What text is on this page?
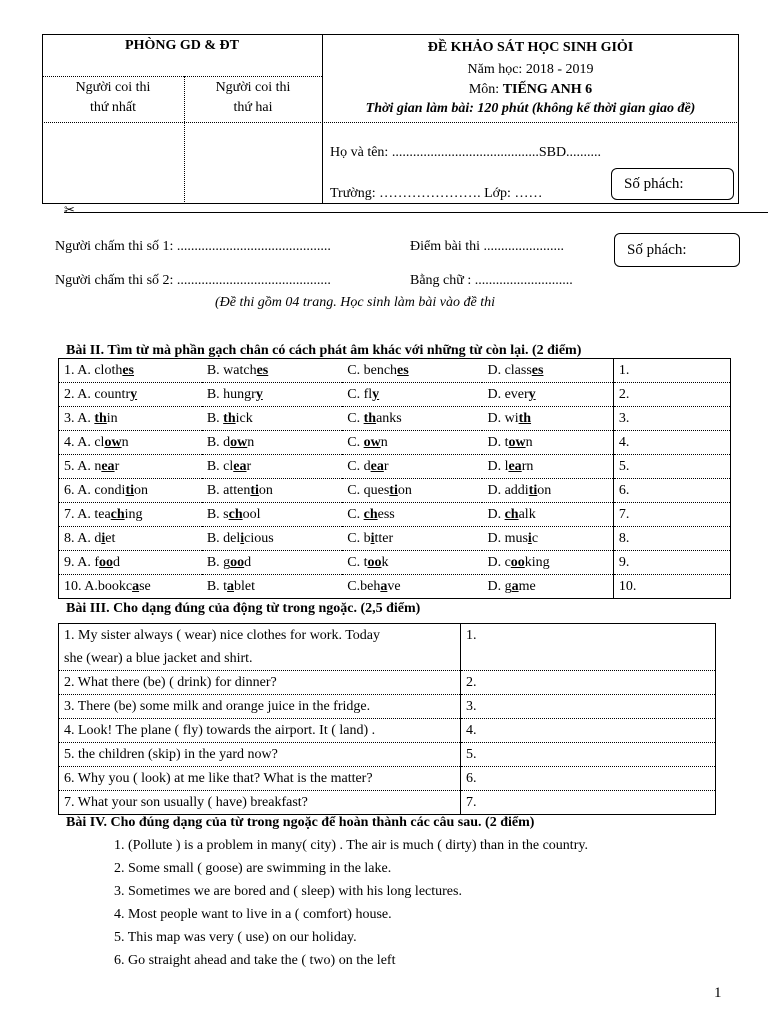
PHÒNG GD & ĐT
Người coi thi
thứ nhất
Người coi thi
thứ hai
ĐỀ KHẢO SÁT HỌC SINH GIỎI
Năm học: 2018 - 2019
Môn: TIẾNG ANH 6
Thời gian làm bài: 120 phút (không kể thời gian giao đề)
Họ và tên: ..........................................SBD..........
Trường: …………………. Lớp: ……
Số phách:
✂
Người chấm thi số 1: ............................................
Người chấm thi số 2: ............................................
Điểm bài thi .......................
Bằng chữ : ............................
Số phách:
(Đề thi gồm 04 trang. Học sinh làm bài vào đề thi
Bài II. Tìm từ mà phần gạch chân có cách phát âm khác với những từ còn lại. (2 điểm)
1. A. clothes	B. watches	C. benches	D. classes	1.
2. A. country	B. hungry	C. fly	D. every	2.
3. A. thin	B. thick	C. thanks	D. with	3.
4. A. clown	B. down	C. own	D. town	4.
5. A. near	B. clear	C. dear	D. learn	5.
6. A. condition	B. attention	C. question	D. addition	6.
7. A. teaching	B. school	C. chess	D. chalk	7.
8. A. diet	B. delicious	C. bitter	D. music	8.
9. A. food	B. good	C. took	D. cooking	9.
10. A.bookcase	B. tablet	C.behave	D. game	10.
Bài III. Cho dạng đúng của động từ trong ngoặc. (2,5 điểm)
1. My sister always ( wear) nice clothes for work. Today
she (wear) a blue jacket and shirt.	1.

2. What there (be) ( drink) for dinner?	2.

3. There (be) some milk and orange juice in the fridge.	3.

4. Look! The plane ( fly) towards the airport. It ( land) .	4.

5. the children (skip) in the yard now?	5.

6. Why you ( look) at me like that? What is the matter?	6.

7. What your son usually ( have) breakfast?	7.
Bài IV. Cho đúng dạng của từ trong ngoặc để hoàn thành các câu sau. (2 điểm)
1. (Pollute ) is a problem in many( city) . The air is much ( dirty) than in the country.
2. Some small ( goose) are swimming in the lake.
3. Sometimes we are bored and ( sleep) with his long lectures.
4. Most people want to live in a ( comfort) house.
5. This map was very ( use) on our holiday.
6. Go straight ahead and take the ( two) on the left
1
